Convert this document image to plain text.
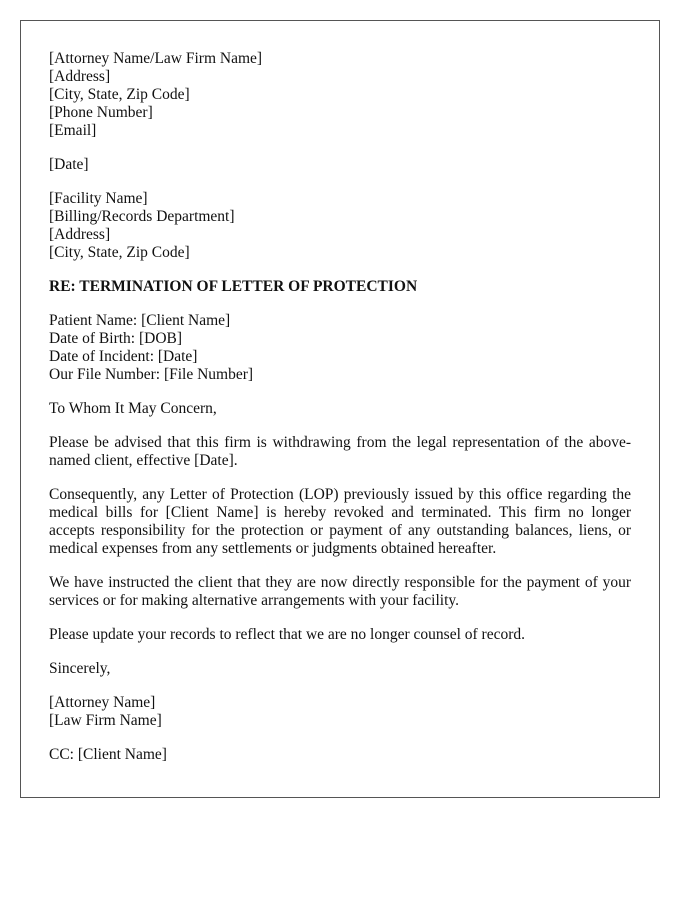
[Attorney Name/Law Firm Name]
[Address]
[City, State, Zip Code]
[Phone Number]
[Email]
[Date]
[Facility Name]
[Billing/Records Department]
[Address]
[City, State, Zip Code]
RE: TERMINATION OF LETTER OF PROTECTION
Patient Name: [Client Name]
Date of Birth: [DOB]
Date of Incident: [Date]
Our File Number: [File Number]
To Whom It May Concern,
Please be advised that this firm is withdrawing from the legal representation of the above-named client, effective [Date].
Consequently, any Letter of Protection (LOP) previously issued by this office regarding the medical bills for [Client Name] is hereby revoked and terminated. This firm no longer accepts responsibility for the protection or payment of any outstanding balances, liens, or medical expenses from any settlements or judgments obtained hereafter.
We have instructed the client that they are now directly responsible for the payment of your services or for making alternative arrangements with your facility.
Please update your records to reflect that we are no longer counsel of record.
Sincerely,
[Attorney Name]
[Law Firm Name]
CC: [Client Name]
